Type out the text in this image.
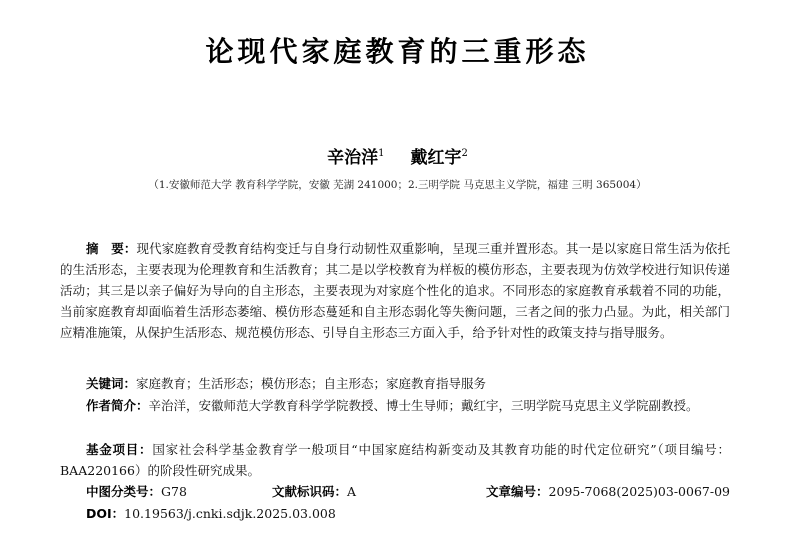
论现代家庭教育的三重形态
辛治洋$^1$ 戴红宇$^2$
（1.安徽师范大学 教育科学学院，安徽 芜湖 241000；2.三明学院 马克思主义学院，福建 三明 365004）
摘　要：现代家庭教育受教育结构变迁与自身行动韧性双重影响，呈现三重并置形态。其一是以家庭日常生活为依托的生活形态，主要表现为伦理教育和生活教育；其二是以学校教育为样板的模仿形态，主要表现为仿效学校进行知识传递活动；其三是以亲子偏好为导向的自主形态，主要表现为对家庭个性化的追求。不同形态的家庭教育承载着不同的功能，当前家庭教育却面临着生活形态萎缩、模仿形态蔓延和自主形态弱化等失衡问题，三者之间的张力凸显。为此，相关部门应精准施策，从保护生活形态、规范模仿形态、引导自主形态三方面入手，给予针对性的政策支持与指导服务。
关键词：家庭教育；生活形态；模仿形态；自主形态；家庭教育指导服务
作者简介：辛治洋，安徽师范大学教育科学学院教授、博士生导师；戴红宇，三明学院马克思主义学院副教授。
基金项目：国家社会科学基金教育学一般项目“中国家庭结构新变动及其教育功能的时代定位研究”（项目编号：BAA220166）的阶段性研究成果。
中图分类号：G78	文献标识码：A	文章编号：2095-7068(2025)03-0067-09
DOI：10.19563/j.cnki.sdjk.2025.03.008
